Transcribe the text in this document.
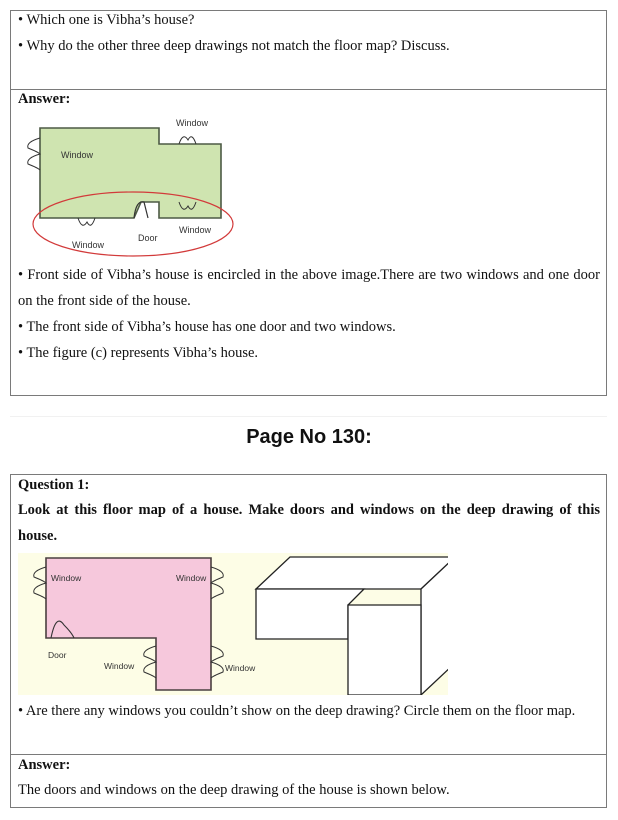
• Which one is Vibha’s house?
• Why do the other three deep drawings not match the floor map? Discuss.
Answer:
Window
Window
Window
Window
Door
• Front side of Vibha’s house is encircled in the above image.There are two windows and one door on the front side of the house.
• The front side of Vibha’s house has one door and two windows.
• The figure (c) represents Vibha’s house.
Page No 130:
Question 1:
Look at this floor map of a house. Make doors and windows on the deep drawing of this house.
Window	Window
Door
Window	Window
• Are there any windows you couldn’t show on the deep drawing? Circle them on the floor map.
Answer:
The doors and windows on the deep drawing of the house is shown below.
